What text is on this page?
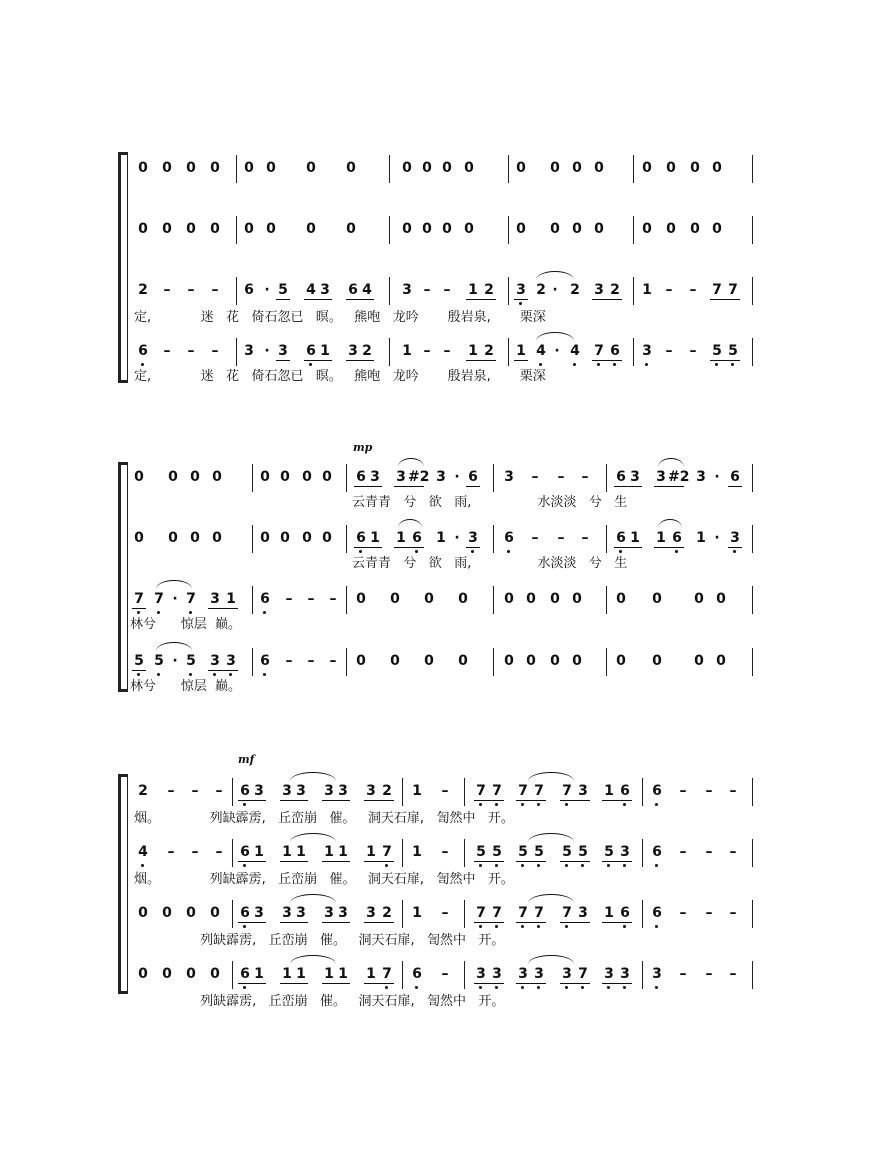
0 0 0 0 0 0 0 0	0 0 0 0	0 0 0 0	0 0 0 0
0 0 0 0 0 0 0 0	0 0 0 0	0 0 0 0	0 0 0 0
2	–	–	–	6 · 5 4 3 6 4 3 – –	1 2 3 2 · 2 3 2 1 –	–	7 7
定,            迷   花   倚石忽已   暝。   熊咆   龙吟       殷岩泉,       栗深
6	–	–	–	3 · 3 6 1 3 2 1 – –	1 2 1 4 · 4 7 6 3 –	–	5 5
定,            迷   花   倚石忽已   暝。   熊咆   龙吟       殷岩泉,       栗深
mp
0 0 0 0	0 0 0 0 6 3 3 #2 3 · 6 3	–	–	–	6 3 3 #2 3 · 6
云青青   兮   欲   雨,                水淡淡   兮   生
0 0 0 0	0 0 0 0 6 1 1 6 1 · 3 6	–	–	–	6 1 1 6 1 · 3
云青青   兮   欲   雨,                水淡淡   兮   生
7 7 · 7 3 1 6	–	–	–	0 0 0 0	0 0 0 0 0 0 0 0
林兮      惊层  巅。
5 5 · 5 3 3 6	–	–	–	0 0 0 0	0 0 0 0 0 0 0 0
林兮      惊层  巅。
mf
2	–	–	–	6 3 3 3 3 3 3 2 1	–	7 7 7 7 7 3 1 6 6	–	–	–
烟。            列缺霹雳,   丘峦崩   催。   洞天石扉,   訇然中   开。
4	–	–	–	6 1 1 1 1 1 1 7 1	–	5 5 5 5 5 5 5 3 6	–	–	–
烟。            列缺霹雳,   丘峦崩   催。   洞天石扉,   訇然中   开。
0 0 0 0 6 3 3 3 3 3 3 2 1	–	7 7 7 7 7 3 1 6 6	–	–	–
列缺霹雳,   丘峦崩   催。   洞天石扉,   訇然中   开。
0 0 0 0 6 1 1 1 1 1 1 7 6	–	3 3 3 3 3 7 3 3 3	–	–	–
列缺霹雳,   丘峦崩   催。   洞天石扉,   訇然中   开。
